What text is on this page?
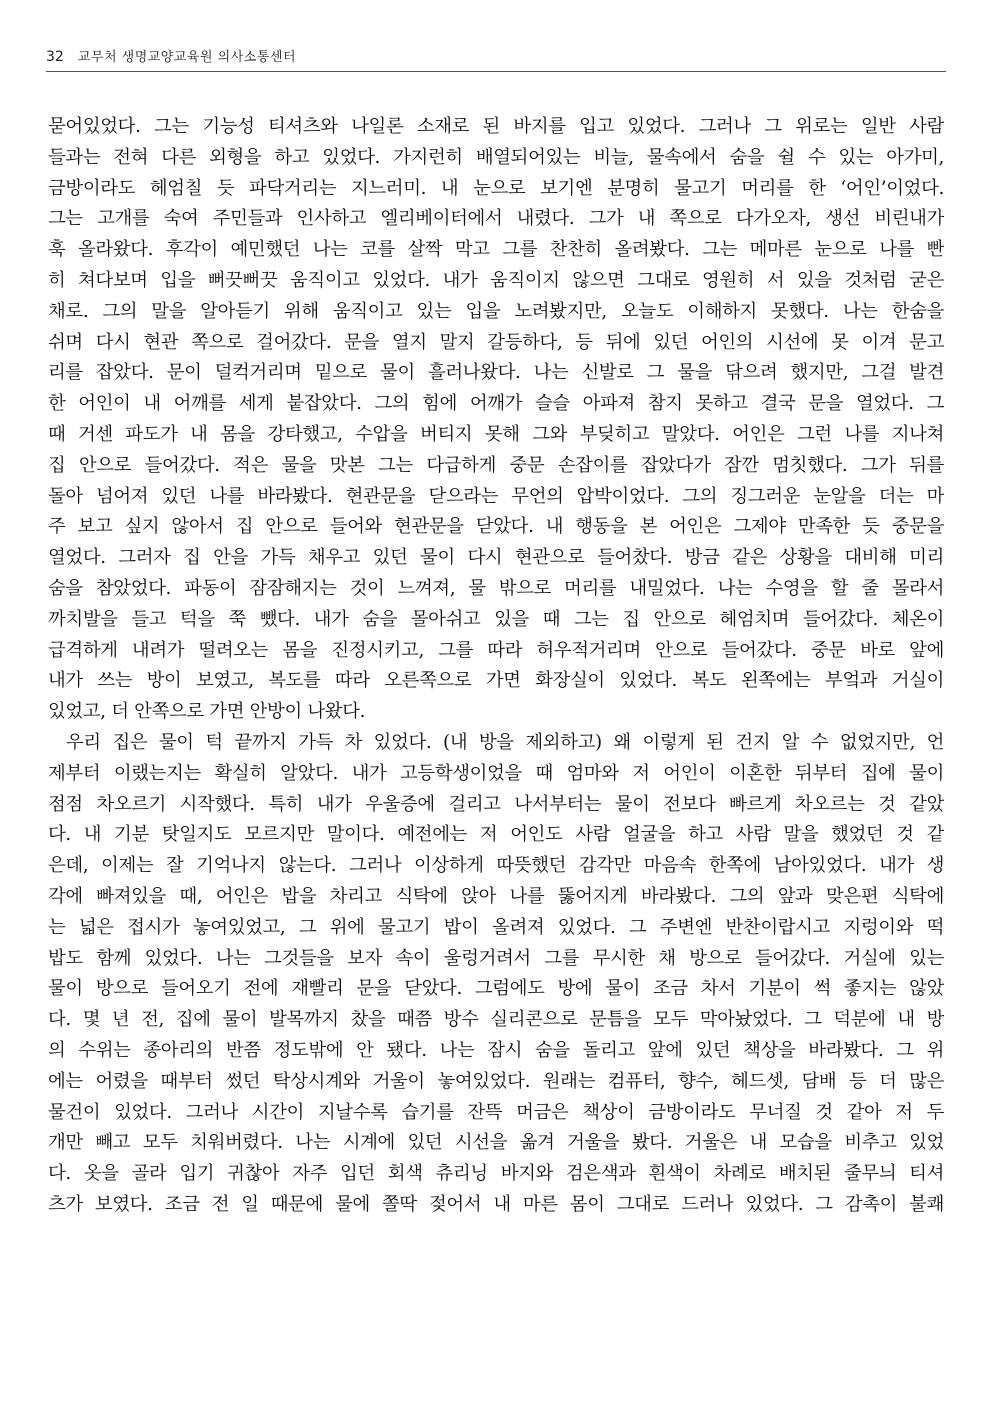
32 교무처 생명교양교육원 의사소통센터
묻어있었다. 그는 기능성 티셔츠와 나일론 소재로 된 바지를 입고 있었다. 그러나 그 위로는 일반 사람
들과는 전혀 다른 외형을 하고 있었다. 가지런히 배열되어있는 비늘, 물속에서 숨을 쉴 수 있는 아가미,
금방이라도 헤엄칠 듯 파닥거리는 지느러미. 내 눈으로 보기엔 분명히 물고기 머리를 한 ‘어인’이었다.
그는 고개를 숙여 주민들과 인사하고 엘리베이터에서 내렸다. 그가 내 쪽으로 다가오자, 생선 비린내가
훅 올라왔다. 후각이 예민했던 나는 코를 살짝 막고 그를 찬찬히 올려봤다. 그는 메마른 눈으로 나를 빤
히 쳐다보며 입을 뻐끗뻐끗 움직이고 있었다. 내가 움직이지 않으면 그대로 영원히 서 있을 것처럼 굳은
채로. 그의 말을 알아듣기 위해 움직이고 있는 입을 노려봤지만, 오늘도 이해하지 못했다. 나는 한숨을
쉬며 다시 현관 쪽으로 걸어갔다. 문을 열지 말지 갈등하다, 등 뒤에 있던 어인의 시선에 못 이겨 문고
리를 잡았다. 문이 덜컥거리며 밑으로 물이 흘러나왔다. 나는 신발로 그 물을 닦으려 했지만, 그걸 발견
한 어인이 내 어깨를 세게 붙잡았다. 그의 힘에 어깨가 슬슬 아파져 참지 못하고 결국 문을 열었다. 그
때 거센 파도가 내 몸을 강타했고, 수압을 버티지 못해 그와 부딪히고 말았다. 어인은 그런 나를 지나쳐
집 안으로 들어갔다. 적은 물을 맛본 그는 다급하게 중문 손잡이를 잡았다가 잠깐 멈칫했다. 그가 뒤를
돌아 넘어져 있던 나를 바라봤다. 현관문을 닫으라는 무언의 압박이었다. 그의 징그러운 눈알을 더는 마
주 보고 싶지 않아서 집 안으로 들어와 현관문을 닫았다. 내 행동을 본 어인은 그제야 만족한 듯 중문을
열었다. 그러자 집 안을 가득 채우고 있던 물이 다시 현관으로 들어찼다. 방금 같은 상황을 대비해 미리
숨을 참았었다. 파동이 잠잠해지는 것이 느껴져, 물 밖으로 머리를 내밀었다. 나는 수영을 할 줄 몰라서
까치발을 들고 턱을 쭉 뺐다. 내가 숨을 몰아쉬고 있을 때 그는 집 안으로 헤엄치며 들어갔다. 체온이
급격하게 내려가 떨려오는 몸을 진정시키고, 그를 따라 허우적거리며 안으로 들어갔다. 중문 바로 앞에
내가 쓰는 방이 보였고, 복도를 따라 오른쪽으로 가면 화장실이 있었다. 복도 왼쪽에는 부엌과 거실이
있었고, 더 안쪽으로 가면 안방이 나왔다.
우리 집은 물이 턱 끝까지 가득 차 있었다. (내 방을 제외하고) 왜 이렇게 된 건지 알 수 없었지만, 언
제부터 이랬는지는 확실히 알았다. 내가 고등학생이었을 때 엄마와 저 어인이 이혼한 뒤부터 집에 물이
점점 차오르기 시작했다. 특히 내가 우울증에 걸리고 나서부터는 물이 전보다 빠르게 차오르는 것 같았
다. 내 기분 탓일지도 모르지만 말이다. 예전에는 저 어인도 사람 얼굴을 하고 사람 말을 했었던 것 같
은데, 이제는 잘 기억나지 않는다. 그러나 이상하게 따뜻했던 감각만 마음속 한쪽에 남아있었다. 내가 생
각에 빠져있을 때, 어인은 밥을 차리고 식탁에 앉아 나를 뚫어지게 바라봤다. 그의 앞과 맞은편 식탁에
는 넓은 접시가 놓여있었고, 그 위에 물고기 밥이 올려져 있었다. 그 주변엔 반찬이랍시고 지렁이와 떡
밥도 함께 있었다. 나는 그것들을 보자 속이 울렁거려서 그를 무시한 채 방으로 들어갔다. 거실에 있는
물이 방으로 들어오기 전에 재빨리 문을 닫았다. 그럼에도 방에 물이 조금 차서 기분이 썩 좋지는 않았
다. 몇 년 전, 집에 물이 발목까지 찼을 때쯤 방수 실리콘으로 문틈을 모두 막아놨었다. 그 덕분에 내 방
의 수위는 종아리의 반쯤 정도밖에 안 됐다. 나는 잠시 숨을 돌리고 앞에 있던 책상을 바라봤다. 그 위
에는 어렸을 때부터 썼던 탁상시계와 거울이 놓여있었다. 원래는 컴퓨터, 향수, 헤드셋, 담배 등 더 많은
물건이 있었다. 그러나 시간이 지날수록 습기를 잔뜩 머금은 책상이 금방이라도 무너질 것 같아 저 두
개만 빼고 모두 치워버렸다. 나는 시계에 있던 시선을 옮겨 거울을 봤다. 거울은 내 모습을 비추고 있었
다. 옷을 골라 입기 귀찮아 자주 입던 회색 츄리닝 바지와 검은색과 흰색이 차례로 배치된 줄무늬 티셔
츠가 보였다. 조금 전 일 때문에 물에 쫄딱 젖어서 내 마른 몸이 그대로 드러나 있었다. 그 감촉이 불쾌
